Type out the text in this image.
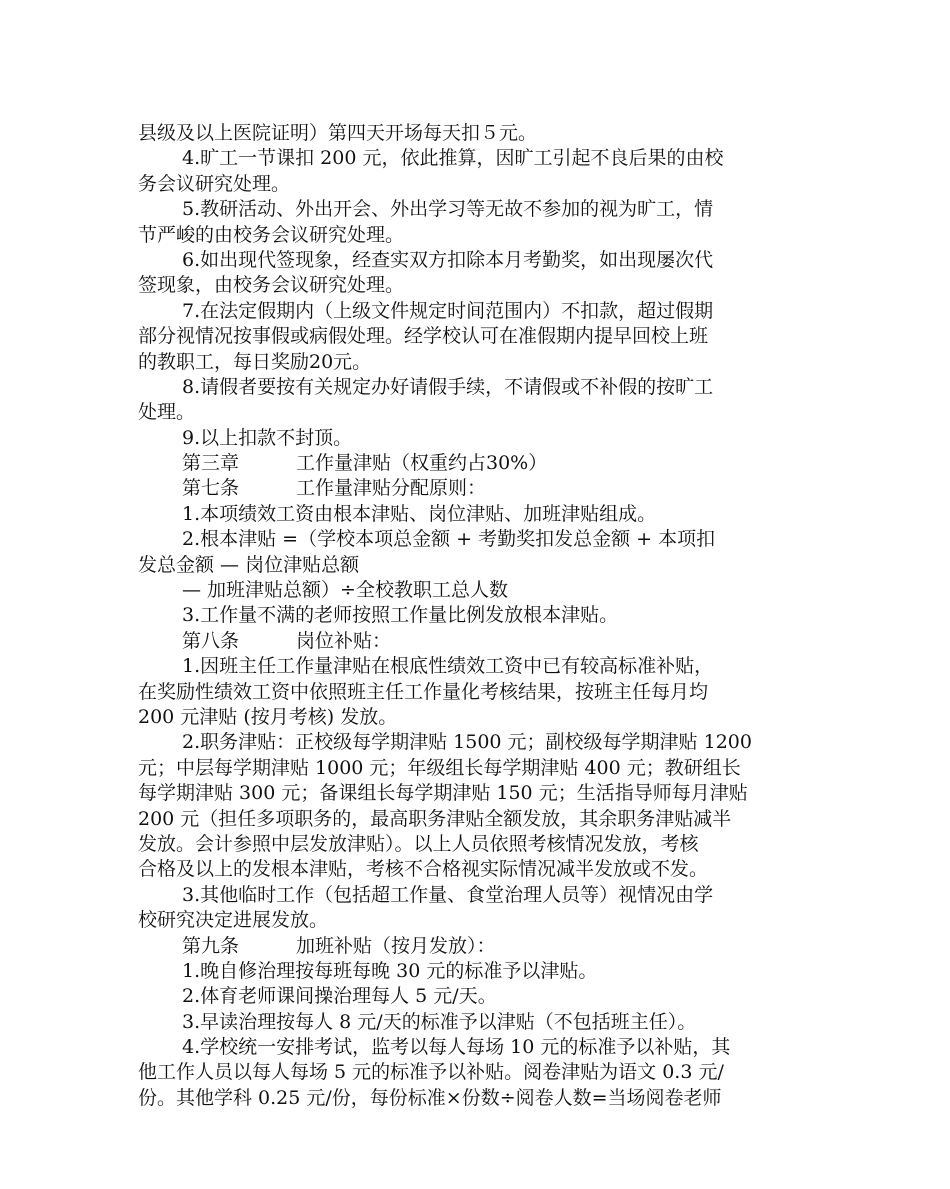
县级及以上医院证明）第四天开场每天扣５元。
4.旷工一节课扣 200 元，依此推算，因旷工引起不良后果的由校
务会议研究处理。
5.教研活动、外出开会、外出学习等无故不参加的视为旷工，情
节严峻的由校务会议研究处理。
6.如出现代签现象，经查实双方扣除本月考勤奖，如出现屡次代
签现象，由校务会议研究处理。
7.在法定假期内（上级文件规定时间范围内）不扣款，超过假期
部分视情况按事假或病假处理。经学校认可在准假期内提早回校上班
的教职工，每日奖励20元。
8.请假者要按有关规定办好请假手续，不请假或不补假的按旷工
处理。
9.以上扣款不封顶。
第三章　　　工作量津贴（权重约占30%）
第七条　　　工作量津贴分配原则：
1.本项绩效工资由根本津贴、岗位津贴、加班津贴组成。
2.根本津贴 =（学校本项总金额 + 考勤奖扣发总金额 + 本项扣
发总金额 — 岗位津贴总额
— 加班津贴总额）÷全校教职工总人数
3.工作量不满的老师按照工作量比例发放根本津贴。
第八条　　　岗位补贴：
1.因班主任工作量津贴在根底性绩效工资中已有较高标准补贴，
在奖励性绩效工资中依照班主任工作量化考核结果，按班主任每月均
200 元津贴 (按月考核) 发放。
2.职务津贴：正校级每学期津贴 1500 元；副校级每学期津贴 1200
元；中层每学期津贴 1000 元；年级组长每学期津贴 400 元；教研组长
每学期津贴 300 元；备课组长每学期津贴 150 元；生活指导师每月津贴
200 元（担任多项职务的，最高职务津贴全额发放，其余职务津贴减半
发放。会计参照中层发放津贴）。以上人员依照考核情况发放，考核
合格及以上的发根本津贴，考核不合格视实际情况减半发放或不发。
3.其他临时工作（包括超工作量、食堂治理人员等）视情况由学
校研究决定进展发放。
第九条　　　加班补贴（按月发放）：
1.晚自修治理按每班每晚 30 元的标准予以津贴。
2.体育老师课间操治理每人 5 元/天。
3.早读治理按每人 8 元/天的标准予以津贴（不包括班主任）。
4.学校统一安排考试，监考以每人每场 10 元的标准予以补贴，其
他工作人员以每人每场 5 元的标准予以补贴。阅卷津贴为语文 0.3 元/
份。其他学科 0.25 元/份，每份标准×份数÷阅卷人数=当场阅卷老师
